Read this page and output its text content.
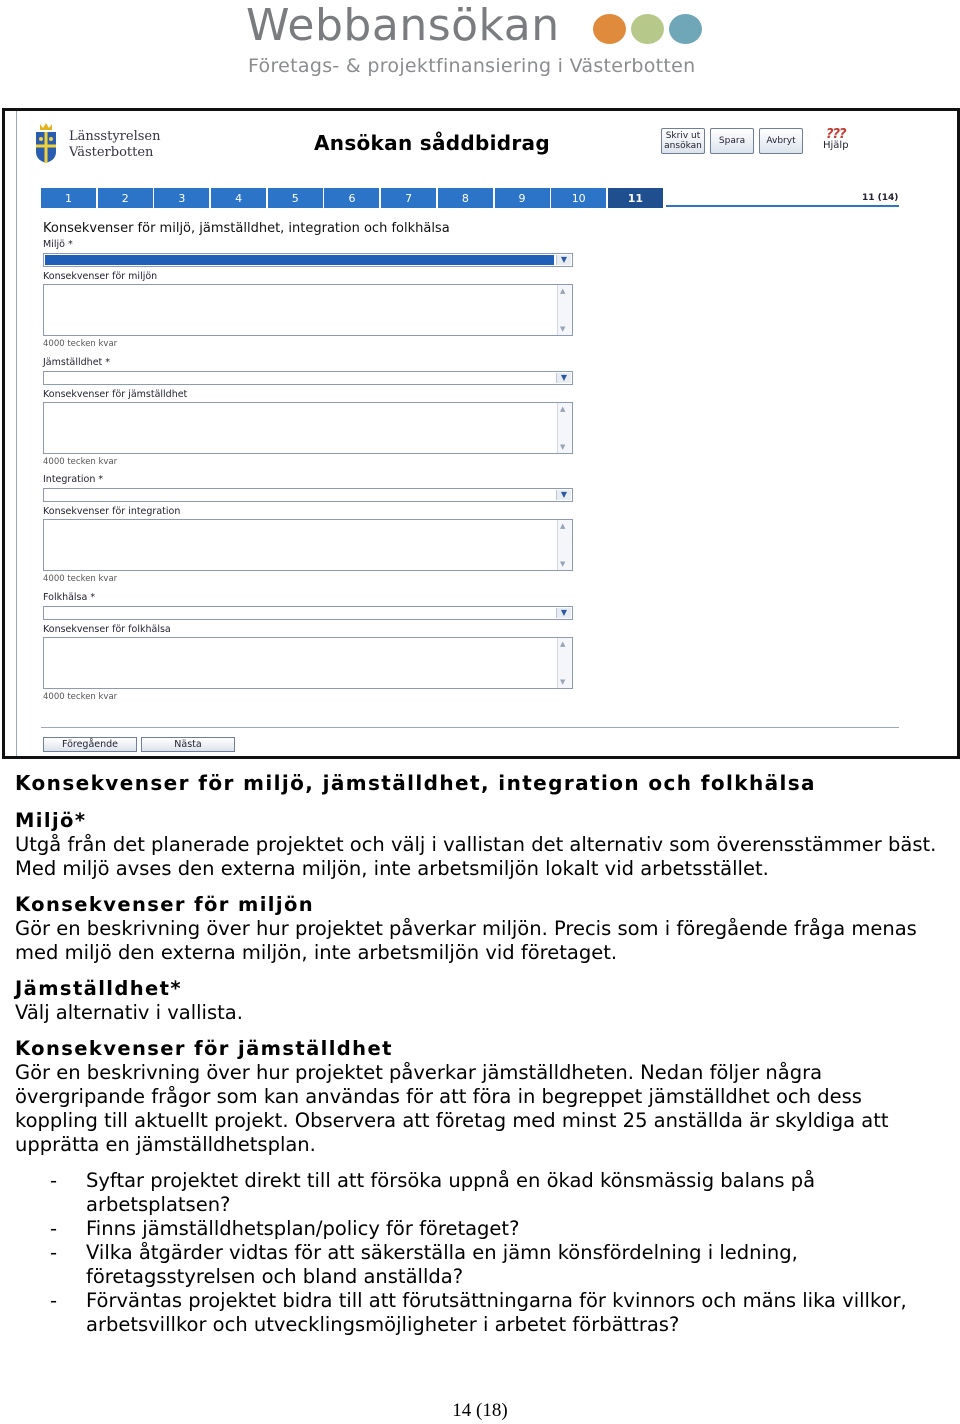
Webbansökan

Företags- & projektfinansiering i Västerbotten
Länsstyrelsen
Västerbotten	Ansökan såddbidrag	Skriv ut
ansökan Spara Avbryt ???
Hjälp
1	2	3	4	5	6	7	8	9	10	11	11 (14)
Konsekvenser för miljö, jämställdhet, integration och folkhälsa
Miljö *
▼
Konsekvenser för miljön
▲
▼
4000 tecken kvar
Jämställdhet *
▼
Konsekvenser för jämställdhet
▲
▼
4000 tecken kvar
Integration *
▼
Konsekvenser för integration
▲
▼
4000 tecken kvar
Folkhälsa *
▼
Konsekvenser för folkhälsa
▲
▼
4000 tecken kvar
Föregående	Nästa
Konsekvenser för miljö, jämställdhet, integration och folkhälsa
Miljö*
Utgå från det planerade projektet och välj i vallistan det alternativ som överensstämmer bäst. Med miljö avses den externa miljön, inte arbetsmiljön lokalt vid arbetsstället.
Konsekvenser för miljön
Gör en beskrivning över hur projektet påverkar miljön. Precis som i föregående fråga menas med miljö den externa miljön, inte arbetsmiljön vid företaget.
Jämställdhet*
Välj alternativ i vallista.
Konsekvenser för jämställdhet
Gör en beskrivning över hur projektet påverkar jämställdheten. Nedan följer några övergripande frågor som kan användas för att föra in begreppet jämställdhet och dess koppling till aktuellt projekt. Observera att företag med minst 25 anställda är skyldiga att upprätta en jämställdhetsplan.
- Syftar projektet direkt till att försöka uppnå en ökad könsmässig balans på arbetsplatsen?
- Finns jämställdhetsplan/policy för företaget?
- Vilka åtgärder vidtas för att säkerställa en jämn könsfördelning i ledning, företagsstyrelsen och bland anställda?
- Förväntas projektet bidra till att förutsättningarna för kvinnors och mäns lika villkor, arbetsvillkor och utvecklingsmöjligheter i arbetet förbättras?
14 (18)
